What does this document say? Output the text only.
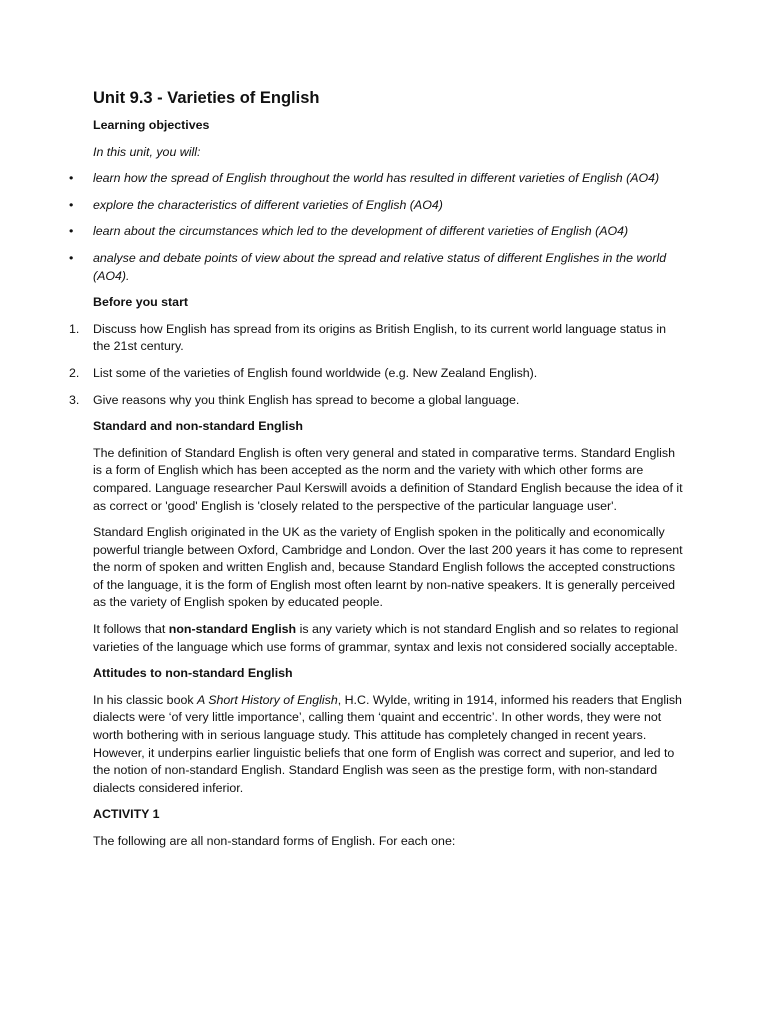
Unit 9.3 - Varieties of English
Learning objectives
In this unit, you will:
• learn how the spread of English throughout the world has resulted in different varieties of English (AO4)
• explore the characteristics of different varieties of English (AO4)
• learn about the circumstances which led to the development of different varieties of English (AO4)
• analyse and debate points of view about the spread and relative status of different Englishes in the world (AO4).
Before you start
1. Discuss how English has spread from its origins as British English, to its current world language status in the 21st century.
2. List some of the varieties of English found worldwide (e.g. New Zealand English).
3. Give reasons why you think English has spread to become a global language.
Standard and non-standard English

The definition of Standard English is often very general and stated in comparative terms. Standard English is a form of English which has been accepted as the norm and the variety with which other forms are compared. Language researcher Paul Kerswill avoids a definition of Standard English because the idea of it as correct or 'good' English is 'closely related to the perspective of the particular language user'.

Standard English originated in the UK as the variety of English spoken in the politically and economically powerful triangle between Oxford, Cambridge and London. Over the last 200 years it has come to represent the norm of spoken and written English and, because Standard English follows the accepted constructions of the language, it is the form of English most often learnt by non-native speakers. It is generally perceived as the variety of English spoken by educated people.

It follows that non-standard English is any variety which is not standard English and so relates to regional varieties of the language which use forms of grammar, syntax and lexis not considered socially acceptable.

Attitudes to non-standard English

In his classic book A Short History of English, H.C. Wylde, writing in 1914, informed his readers that English dialects were ‘of very little importance’, calling them ‘quaint and eccentric’. In other words, they were not worth bothering with in serious language study. This attitude has completely changed in recent years. However, it underpins earlier linguistic beliefs that one form of English was correct and superior, and led to the notion of non-standard English. Standard English was seen as the prestige form, with non-standard dialects considered inferior.

ACTIVITY 1

The following are all non-standard forms of English. For each one:
